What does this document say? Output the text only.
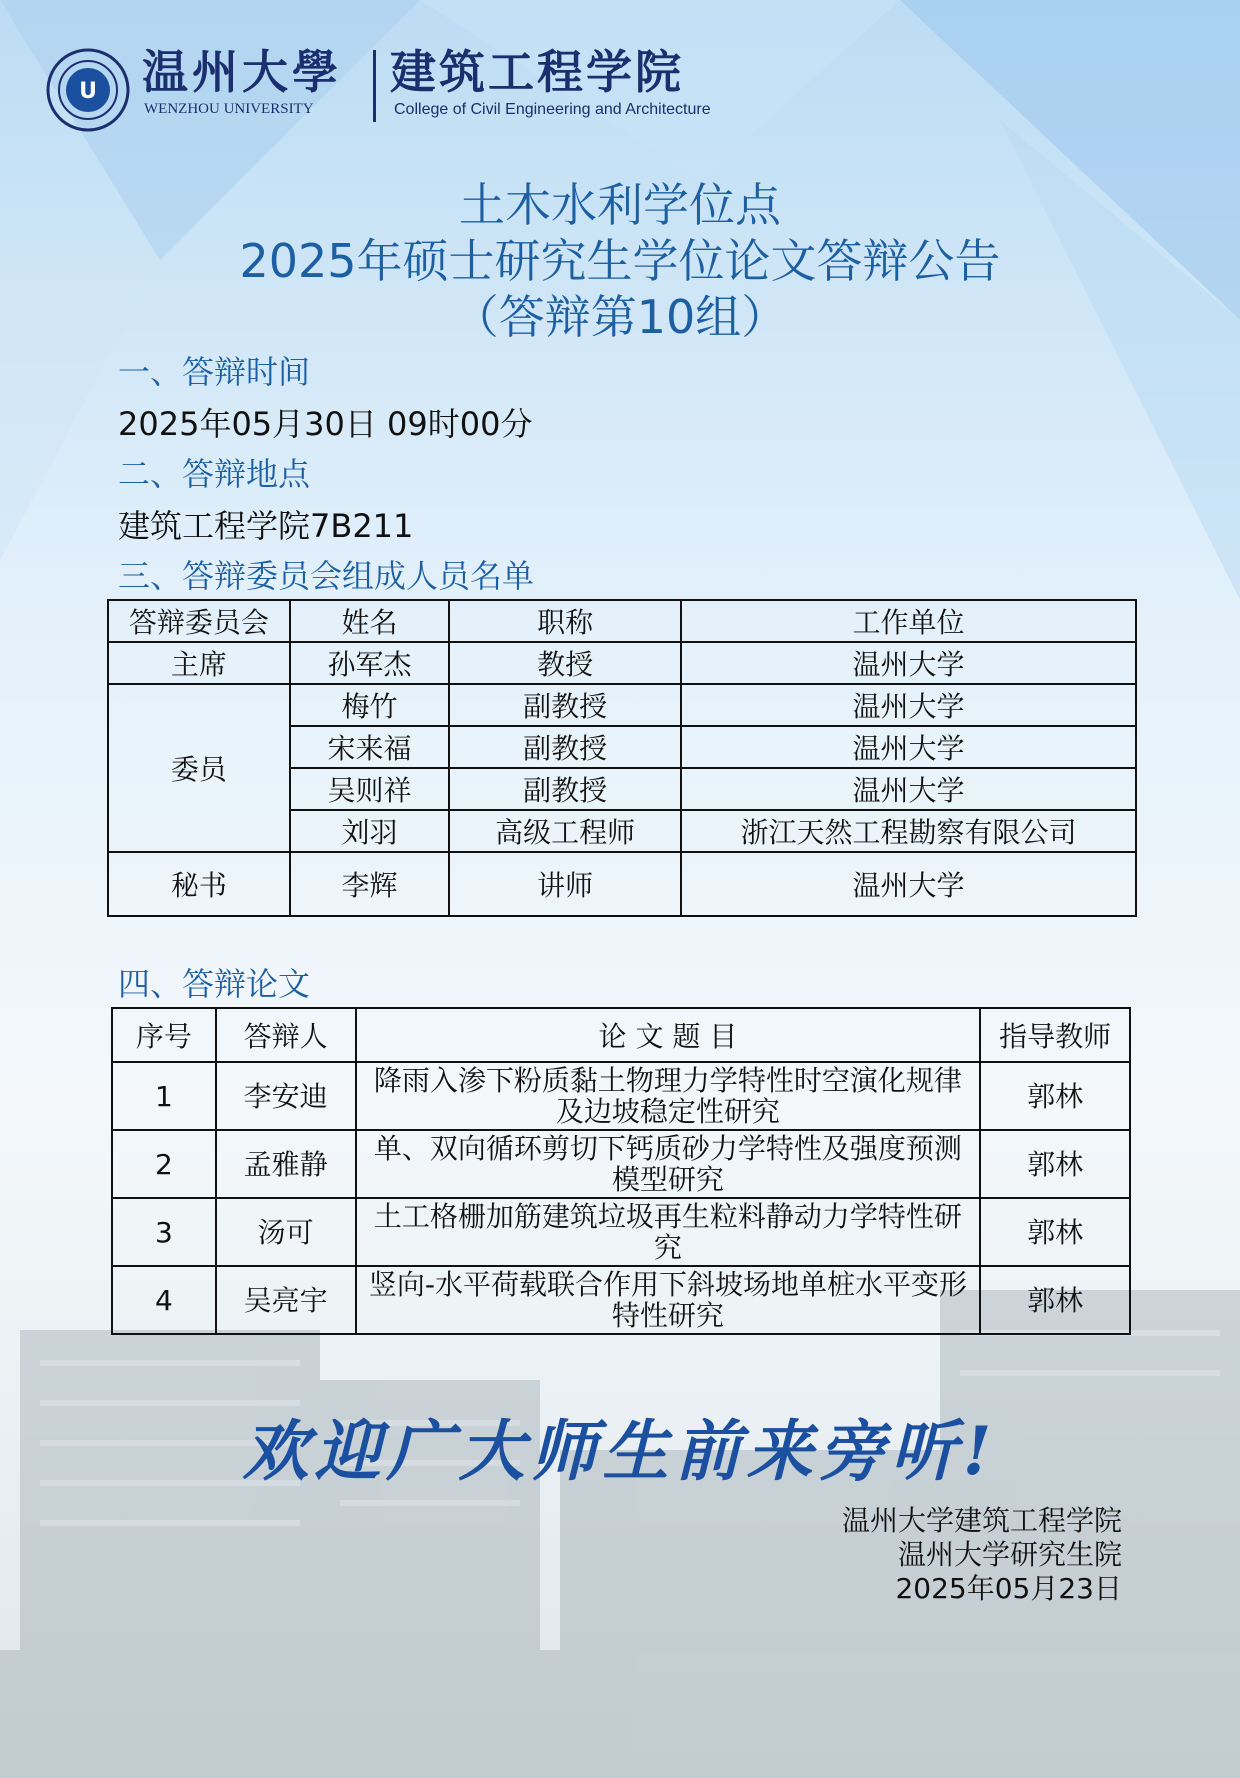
U 温州大學
WENZHOU UNIVERSITY
建筑工程学院
College of Civil Engineering and Architecture
土木水利学位点
2025年硕士研究生学位论文答辩公告
（答辩第10组）
一、答辩时间
2025年05月30日 09时00分
二、答辩地点
建筑工程学院7B211
三、答辩委员会组成人员名单
答辩委员会	姓名	职称	工作单位
主席	孙军杰	教授	温州大学
委员	梅竹	副教授	温州大学
	宋来福	副教授	温州大学
	吴则祥	副教授	温州大学
	刘羽	高级工程师	浙江天然工程勘察有限公司
秘书	李辉	讲师	温州大学
四、答辩论文
序号	答辩人	论 文 题 目	指导教师
1	李安迪	降雨入渗下粉质黏土物理力学特性时空演化规律及边坡稳定性研究	郭林
2	孟雅静	单、双向循环剪切下钙质砂力学特性及强度预测模型研究	郭林
3	汤可	土工格栅加筋建筑垃圾再生粒料静动力学特性研究	郭林
4	吴亮宇	竖向-水平荷载联合作用下斜坡场地单桩水平变形特性研究	郭林
欢迎广大师生前来旁听!
温州大学建筑工程学院
温州大学研究生院
2025年05月23日
